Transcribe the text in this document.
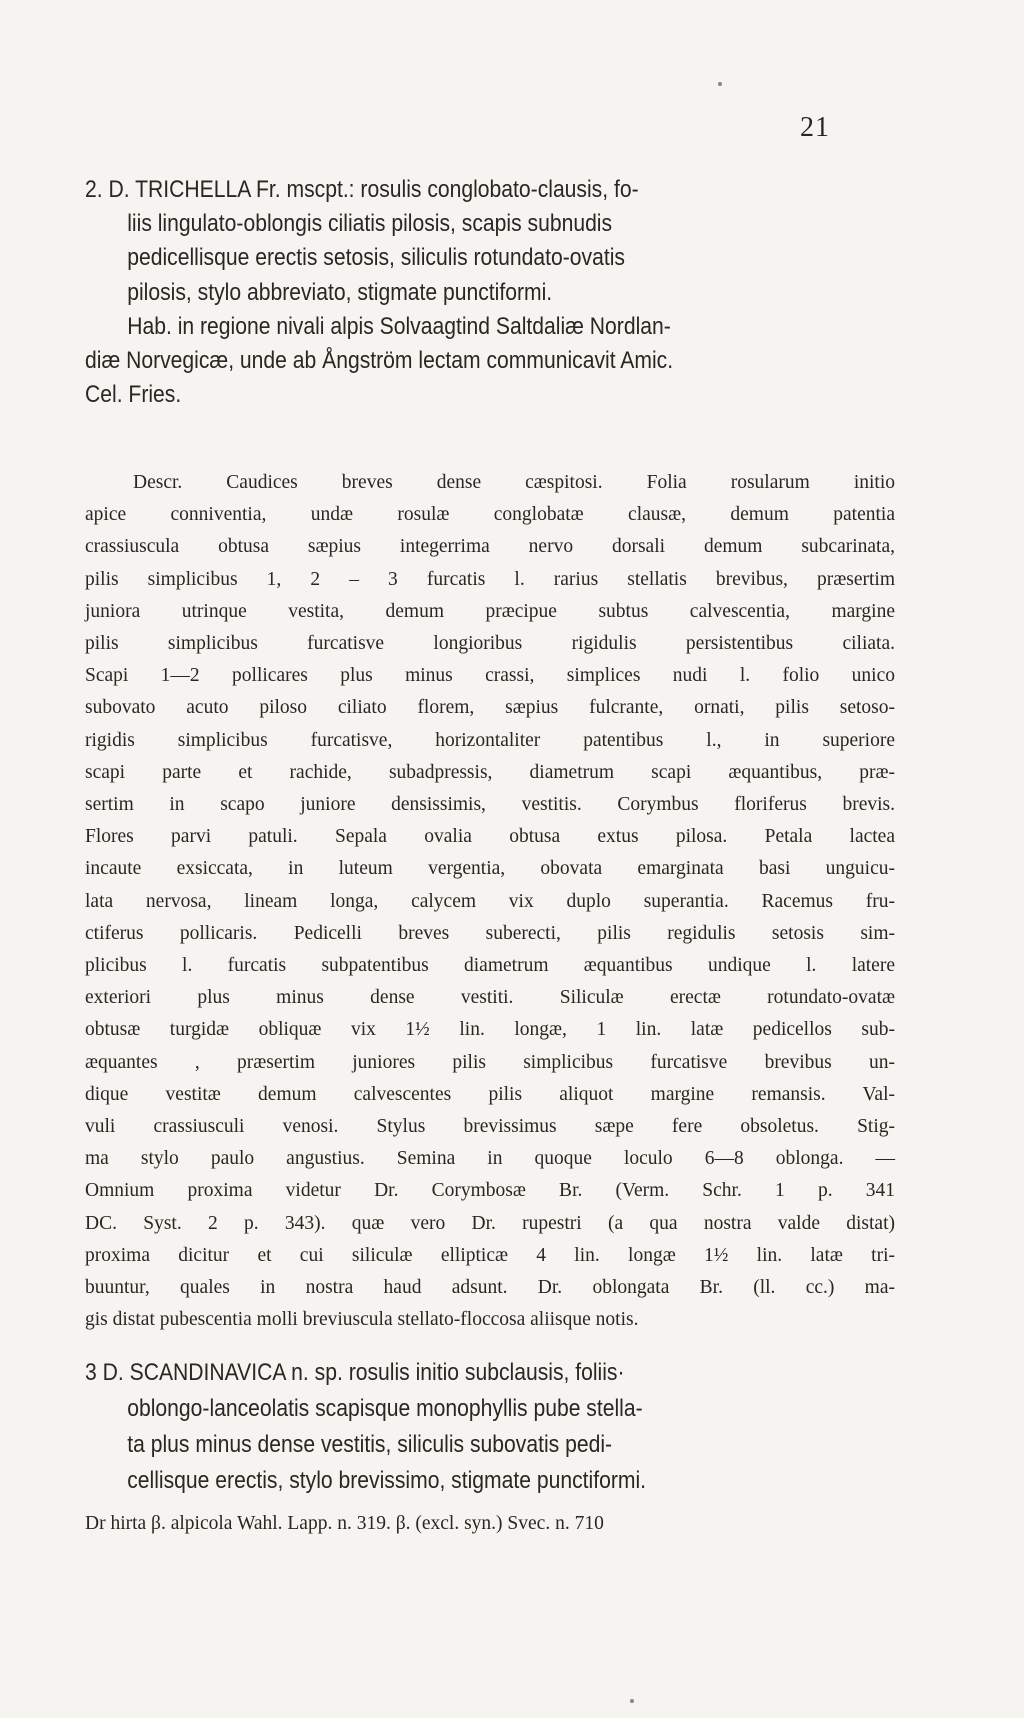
21
2. D. TRICHELLA Fr. mscpt.: rosulis conglobato-clausis, fo-
liis lingulato-oblongis ciliatis pilosis, scapis subnudis
pedicellisque erectis setosis, siliculis rotundato-ovatis
pilosis, stylo abbreviato, stigmate punctiformi.
Hab. in regione nivali alpis Solvaagtind Saltdaliæ Nordlan-
diæ Norvegicæ, unde ab Ångström lectam communicavit Amic.
Cel. Fries.
Descr. Caudices breves dense cæspitosi. Folia rosularum initio
apice conniventia, undæ rosulæ conglobatæ clausæ, demum patentia
crassiuscula obtusa sæpius integerrima nervo dorsali demum subcarinata,
pilis simplicibus 1, 2 – 3 furcatis l. rarius stellatis brevibus, præsertim
juniora utrinque vestita, demum præcipue subtus calvescentia, margine
pilis simplicibus furcatisve longioribus rigidulis persistentibus ciliata.
Scapi 1—2 pollicares plus minus crassi, simplices nudi l. folio unico
subovato acuto piloso ciliato florem, sæpius fulcrante, ornati, pilis setoso-
rigidis simplicibus furcatisve, horizontaliter patentibus l., in superiore
scapi parte et rachide, subadpressis, diametrum scapi æquantibus, præ-
sertim in scapo juniore densissimis, vestitis. Corymbus floriferus brevis.
Flores parvi patuli. Sepala ovalia obtusa extus pilosa. Petala lactea
incaute exsiccata, in luteum vergentia, obovata emarginata basi unguicu-
lata nervosa, lineam longa, calycem vix duplo superantia. Racemus fru-
ctiferus pollicaris. Pedicelli breves suberecti, pilis regidulis setosis sim-
plicibus l. furcatis subpatentibus diametrum æquantibus undique l. latere
exteriori plus minus dense vestiti. Siliculæ erectæ rotundato-ovatæ
obtusæ turgidæ obliquæ vix 1½ lin. longæ, 1 lin. latæ pedicellos sub-
æquantes , præsertim juniores pilis simplicibus furcatisve brevibus un-
dique vestitæ demum calvescentes pilis aliquot margine remansis. Val-
vuli crassiusculi venosi. Stylus brevissimus sæpe fere obsoletus. Stig-
ma stylo paulo angustius. Semina in quoque loculo 6—8 oblonga. —
Omnium proxima videtur Dr. Corymbosæ Br. (Verm. Schr. 1 p. 341
DC. Syst. 2 p. 343). quæ vero Dr. rupestri (a qua nostra valde distat)
proxima dicitur et cui siliculæ ellipticæ 4 lin. longæ 1½ lin. latæ tri-
buuntur, quales in nostra haud adsunt. Dr. oblongata Br. (ll. cc.) ma-
gis distat pubescentia molli breviuscula stellato-floccosa aliisque notis.
3 D. SCANDINAVICA n. sp. rosulis initio subclausis, foliis·
oblongo-lanceolatis scapisque monophyllis pube stella-
ta plus minus dense vestitis, siliculis subovatis pedi-
cellisque erectis, stylo brevissimo, stigmate punctiformi.
Dr hirta β. alpicola Wahl. Lapp. n. 319. β. (excl. syn.) Svec. n. 710
